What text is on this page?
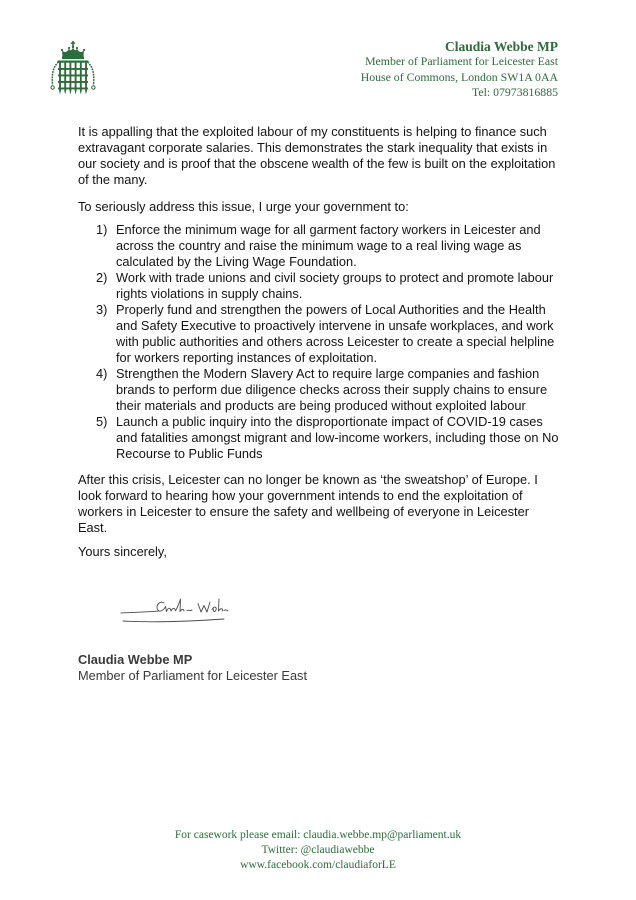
Claudia Webbe MP
Member of Parliament for Leicester East
House of Commons, London SW1A 0AA
Tel: 07973816885
It is appalling that the exploited labour of my constituents is helping to finance such
extravagant corporate salaries. This demonstrates the stark inequality that exists in
our society and is proof that the obscene wealth of the few is built on the exploitation
of the many.
To seriously address this issue, I urge your government to:
1) Enforce the minimum wage for all garment factory workers in Leicester and
across the country and raise the minimum wage to a real living wage as
calculated by the Living Wage Foundation.
2) Work with trade unions and civil society groups to protect and promote labour
rights violations in supply chains.
3) Properly fund and strengthen the powers of Local Authorities and the Health
and Safety Executive to proactively intervene in unsafe workplaces, and work
with public authorities and others across Leicester to create a special helpline
for workers reporting instances of exploitation.
4) Strengthen the Modern Slavery Act to require large companies and fashion
brands to perform due diligence checks across their supply chains to ensure
their materials and products are being produced without exploited labour
5) Launch a public inquiry into the disproportionate impact of COVID-19 cases
and fatalities amongst migrant and low-income workers, including those on No
Recourse to Public Funds
After this crisis, Leicester can no longer be known as ‘the sweatshop’ of Europe. I
look forward to hearing how your government intends to end the exploitation of
workers in Leicester to ensure the safety and wellbeing of everyone in Leicester
East.
Yours sincerely,
Claudia Webbe MP
Member of Parliament for Leicester East
For casework please email: claudia.webbe.mp@parliament.uk
Twitter: @claudiawebbe
www.facebook.com/claudiaforLE
